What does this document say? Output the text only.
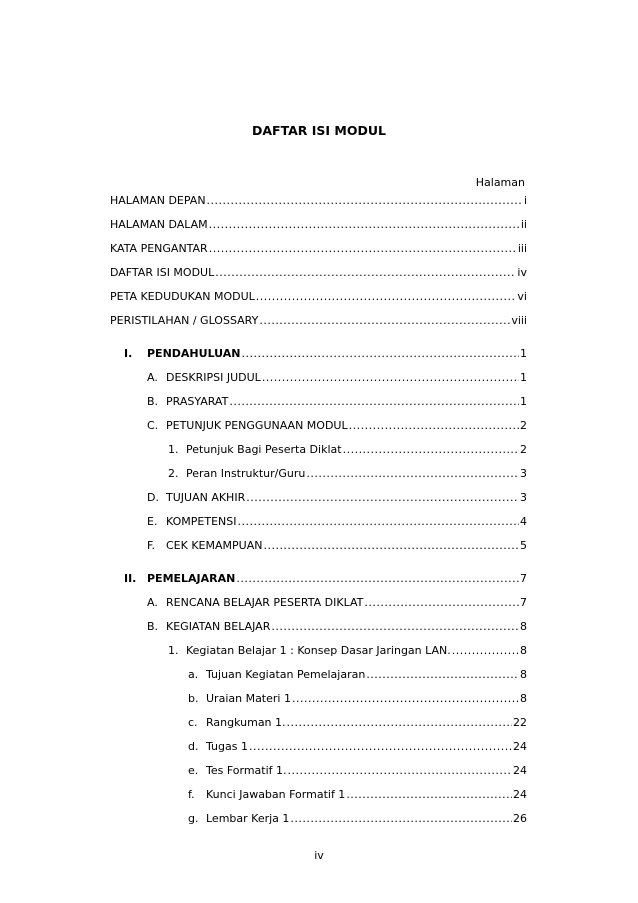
DAFTAR ISI MODUL
Halaman
HALAMAN DEPAN .....	i
HALAMAN DALAM .....	ii
KATA PENGANTAR .....	iii
DAFTAR ISI MODUL .....	iv
PETA KEDUDUKAN MODUL .....	vi
PERISTILAHAN / GLOSSARY .....	viii
I.	PENDAHULUAN .....	1
A. DESKRIPSI JUDUL .....	1
B. PRASYARAT .....	1
C. PETUNJUK PENGGUNAAN MODUL .....	2
1. Petunjuk Bagi Peserta Diklat .....	2
2. Peran Instruktur/Guru .....	3
D. TUJUAN AKHIR .....	3
E. KOMPETENSI .....	4
F. CEK KEMAMPUAN .....	5
II. PEMELAJARAN .....	7
A. RENCANA BELAJAR PESERTA DIKLAT .....	7
B. KEGIATAN BELAJAR .....	8
1. Kegiatan Belajar 1 : Konsep Dasar Jaringan LAN. .....	8
a. Tujuan Kegiatan Pemelajaran .....	8
b. Uraian Materi 1 .....	8
c. Rangkuman 1. .....	22
d. Tugas 1 .....	24
e. Tes Formatif 1. .....	24
f.	Kunci Jawaban Formatif 1 .....	24
g. Lembar Kerja 1 .....	26
iv
